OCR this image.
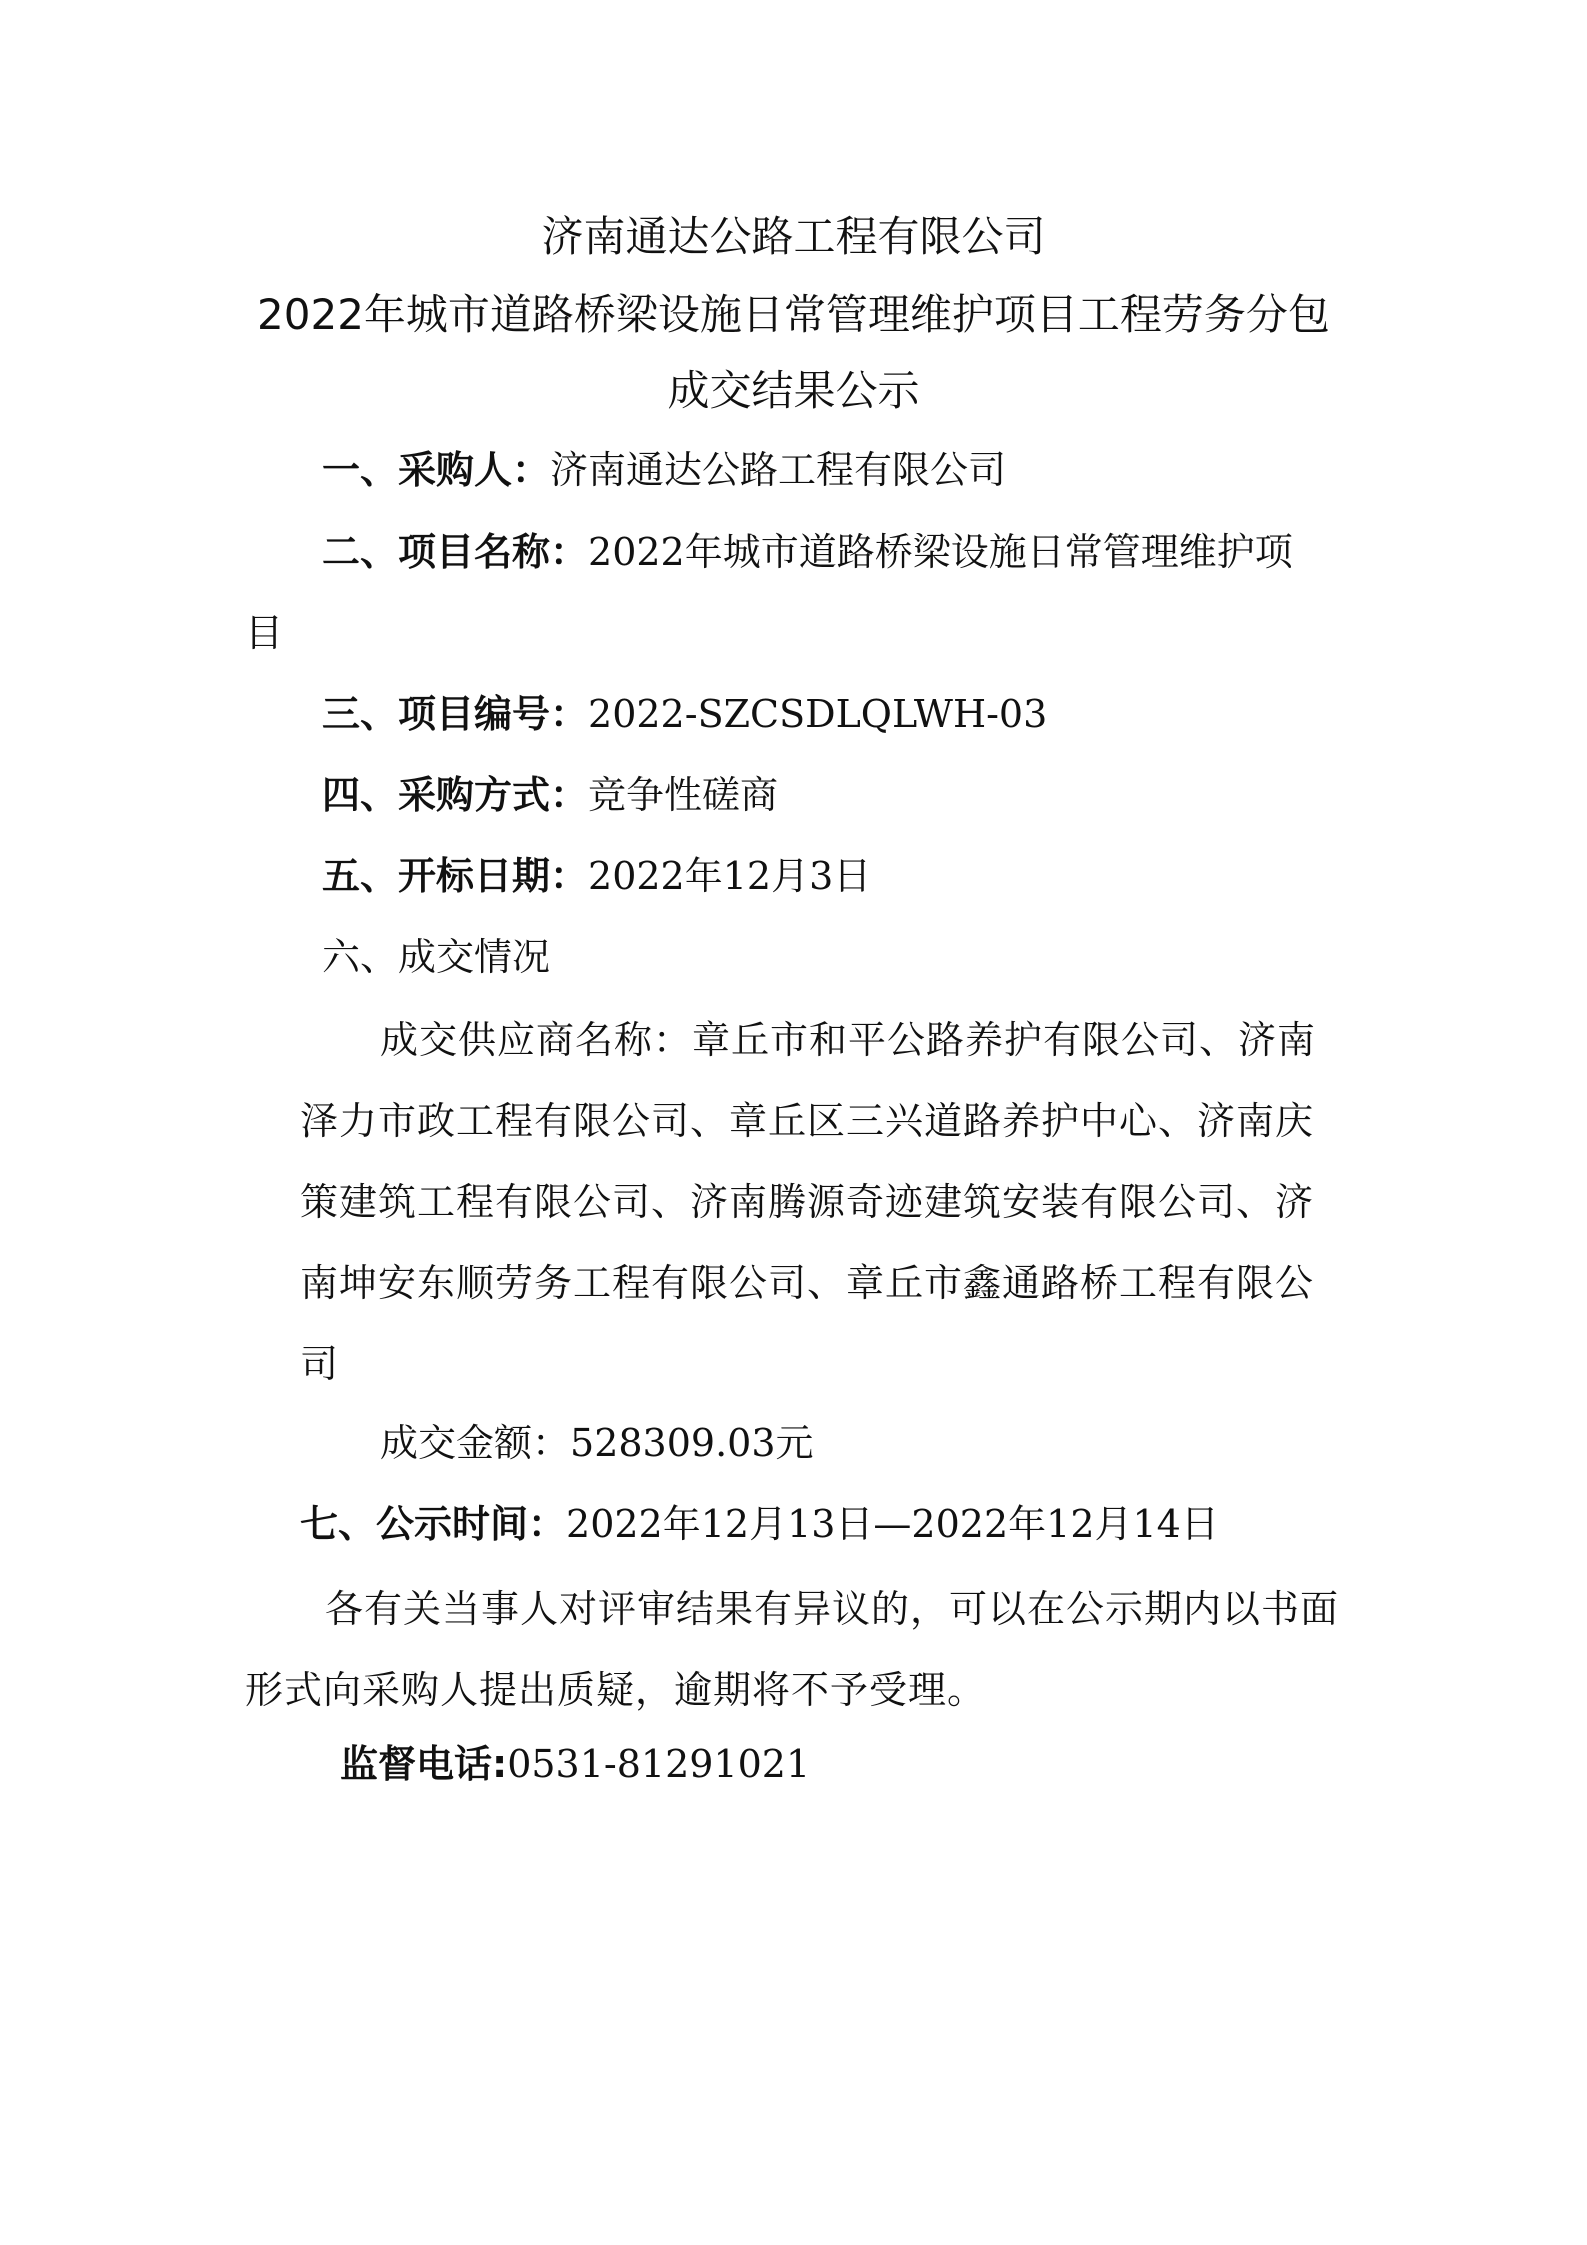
济南通达公路工程有限公司
2022年城市道路桥梁设施日常管理维护项目工程劳务分包
成交结果公示
一、采购人：济南通达公路工程有限公司
二、项目名称：2022年城市道路桥梁设施日常管理维护项
目
三、项目编号：2022-SZCSDLQLWH-03
四、采购方式：竞争性磋商
五、开标日期：2022年12月3日
六、成交情况
成交供应商名称：章丘市和平公路养护有限公司、济南泽力市政工程有限公司、章丘区三兴道路养护中心、济南庆策建筑工程有限公司、济南腾源奇迹建筑安装有限公司、济南坤安东顺劳务工程有限公司、章丘市鑫通路桥工程有限公司
成交金额：528309.03元
七、公示时间：2022年12月13日—2022年12月14日
各有关当事人对评审结果有异议的，可以在公示期内以书面形式向采购人提出质疑，逾期将不予受理。
监督电话:0531-81291021
